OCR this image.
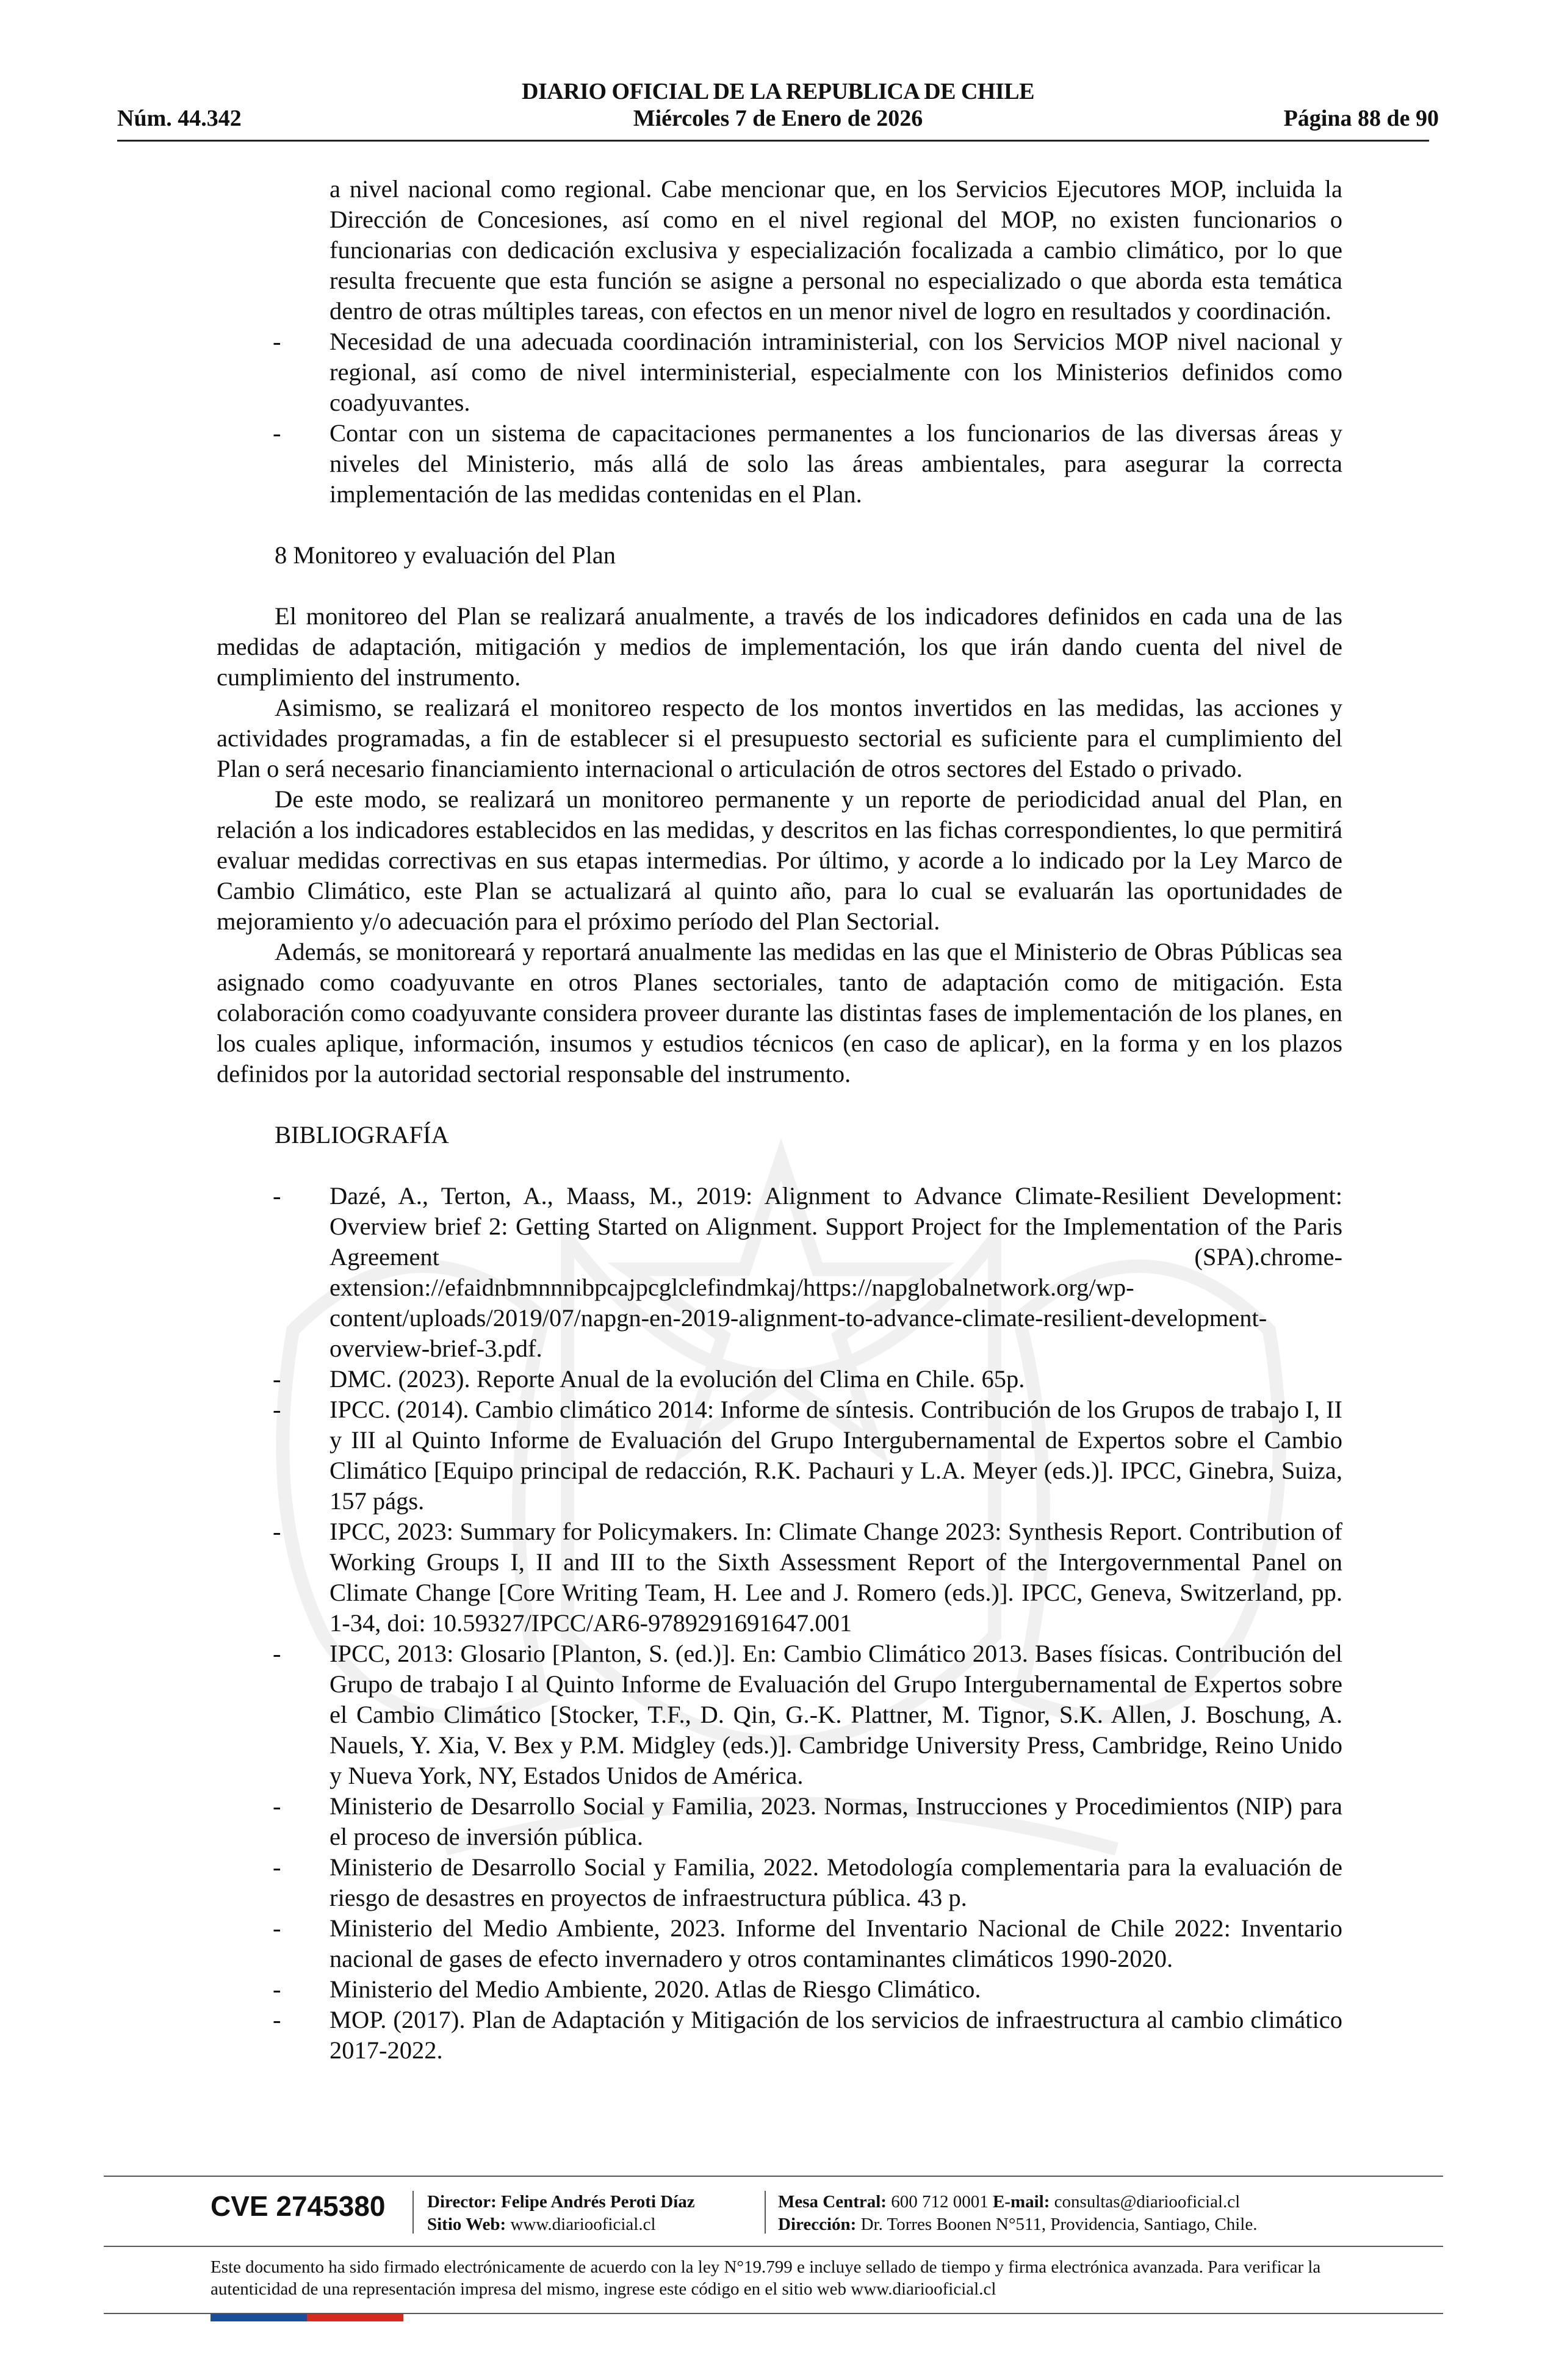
DIARIO OFICIAL DE LA REPUBLICA DE CHILE
Núm. 44.342	Miércoles 7 de Enero de 2026	Página 88 de 90

a nivel nacional como regional. Cabe mencionar que, en los Servicios Ejecutores MOP, incluida la Dirección de Concesiones, así como en el nivel regional del MOP, no existen funcionarios o funcionarias con dedicación exclusiva y especialización focalizada a cambio climático, por lo que resulta frecuente que esta función se asigne a personal no especializado o que aborda esta temática dentro de otras múltiples tareas, con efectos en un menor nivel de logro en resultados y coordinación.

- Necesidad de una adecuada coordinación intraministerial, con los Servicios MOP nivel nacional y regional, así como de nivel interministerial, especialmente con los Ministerios definidos como coadyuvantes.

- Contar con un sistema de capacitaciones permanentes a los funcionarios de las diversas áreas y niveles del Ministerio, más allá de solo las áreas ambientales, para asegurar la correcta implementación de las medidas contenidas en el Plan.

8 Monitoreo y evaluación del Plan

El monitoreo del Plan se realizará anualmente, a través de los indicadores definidos en cada una de las medidas de adaptación, mitigación y medios de implementación, los que irán dando cuenta del nivel de cumplimiento del instrumento.

Asimismo, se realizará el monitoreo respecto de los montos invertidos en las medidas, las acciones y actividades programadas, a fin de establecer si el presupuesto sectorial es suficiente para el cumplimiento del Plan o será necesario financiamiento internacional o articulación de otros sectores del Estado o privado.

De este modo, se realizará un monitoreo permanente y un reporte de periodicidad anual del Plan, en relación a los indicadores establecidos en las medidas, y descritos en las fichas correspondientes, lo que permitirá evaluar medidas correctivas en sus etapas intermedias. Por último, y acorde a lo indicado por la Ley Marco de Cambio Climático, este Plan se actualizará al quinto año, para lo cual se evaluarán las oportunidades de mejoramiento y/o adecuación para el próximo período del Plan Sectorial.

Además, se monitoreará y reportará anualmente las medidas en las que el Ministerio de Obras Públicas sea asignado como coadyuvante en otros Planes sectoriales, tanto de adaptación como de mitigación. Esta colaboración como coadyuvante considera proveer durante las distintas fases de implementación de los planes, en los cuales aplique, información, insumos y estudios técnicos (en caso de aplicar), en la forma y en los plazos definidos por la autoridad sectorial responsable del instrumento.

BIBLIOGRAFÍA

- Dazé, A., Terton, A., Maass, M., 2019: Alignment to Advance Climate-Resilient Development: Overview brief 2: Getting Started on Alignment. Support Project for the Implementation of the Paris Agreement (SPA).chrome-extension://efaidnbmnnnibpcajpcglclefindmkaj/https://napglobalnetwork.org/wp-content/uploads/2019/07/napgn-en-2019-alignment-to-advance-climate-resilient-development-overview-brief-3.pdf.

- DMC. (2023). Reporte Anual de la evolución del Clima en Chile. 65p.

- IPCC. (2014). Cambio climático 2014: Informe de síntesis. Contribución de los Grupos de trabajo I, II y III al Quinto Informe de Evaluación del Grupo Intergubernamental de Expertos sobre el Cambio Climático [Equipo principal de redacción, R.K. Pachauri y L.A. Meyer (eds.)]. IPCC, Ginebra, Suiza, 157 págs.

- IPCC, 2023: Summary for Policymakers. In: Climate Change 2023: Synthesis Report. Contribution of Working Groups I, II and III to the Sixth Assessment Report of the Intergovernmental Panel on Climate Change [Core Writing Team, H. Lee and J. Romero (eds.)]. IPCC, Geneva, Switzerland, pp. 1-34, doi: 10.59327/IPCC/AR6-9789291691647.001

- IPCC, 2013: Glosario [Planton, S. (ed.)]. En: Cambio Climático 2013. Bases físicas. Contribución del Grupo de trabajo I al Quinto Informe de Evaluación del Grupo Intergubernamental de Expertos sobre el Cambio Climático [Stocker, T.F., D. Qin, G.-K. Plattner, M. Tignor, S.K. Allen, J. Boschung, A. Nauels, Y. Xia, V. Bex y P.M. Midgley (eds.)]. Cambridge University Press, Cambridge, Reino Unido y Nueva York, NY, Estados Unidos de América.

- Ministerio de Desarrollo Social y Familia, 2023. Normas, Instrucciones y Procedimientos (NIP) para el proceso de inversión pública.

- Ministerio de Desarrollo Social y Familia, 2022. Metodología complementaria para la evaluación de riesgo de desastres en proyectos de infraestructura pública. 43 p.

- Ministerio del Medio Ambiente, 2023. Informe del Inventario Nacional de Chile 2022: Inventario nacional de gases de efecto invernadero y otros contaminantes climáticos 1990-2020.

- Ministerio del Medio Ambiente, 2020. Atlas de Riesgo Climático.

- MOP. (2017). Plan de Adaptación y Mitigación de los servicios de infraestructura al cambio climático 2017-2022.

CVE 2745380 Director: Felipe Andrés Peroti Díaz
Sitio Web: www.diariooficial.cl
Mesa Central: 600 712 0001 E-mail: consultas@diariooficial.cl
Dirección: Dr. Torres Boonen N°511, Providencia, Santiago, Chile.
Este documento ha sido firmado electrónicamente de acuerdo con la ley N°19.799 e incluye sellado de tiempo y firma electrónica avanzada. Para verificar la autenticidad de una representación impresa del mismo, ingrese este código en el sitio web www.diariooficial.cl
